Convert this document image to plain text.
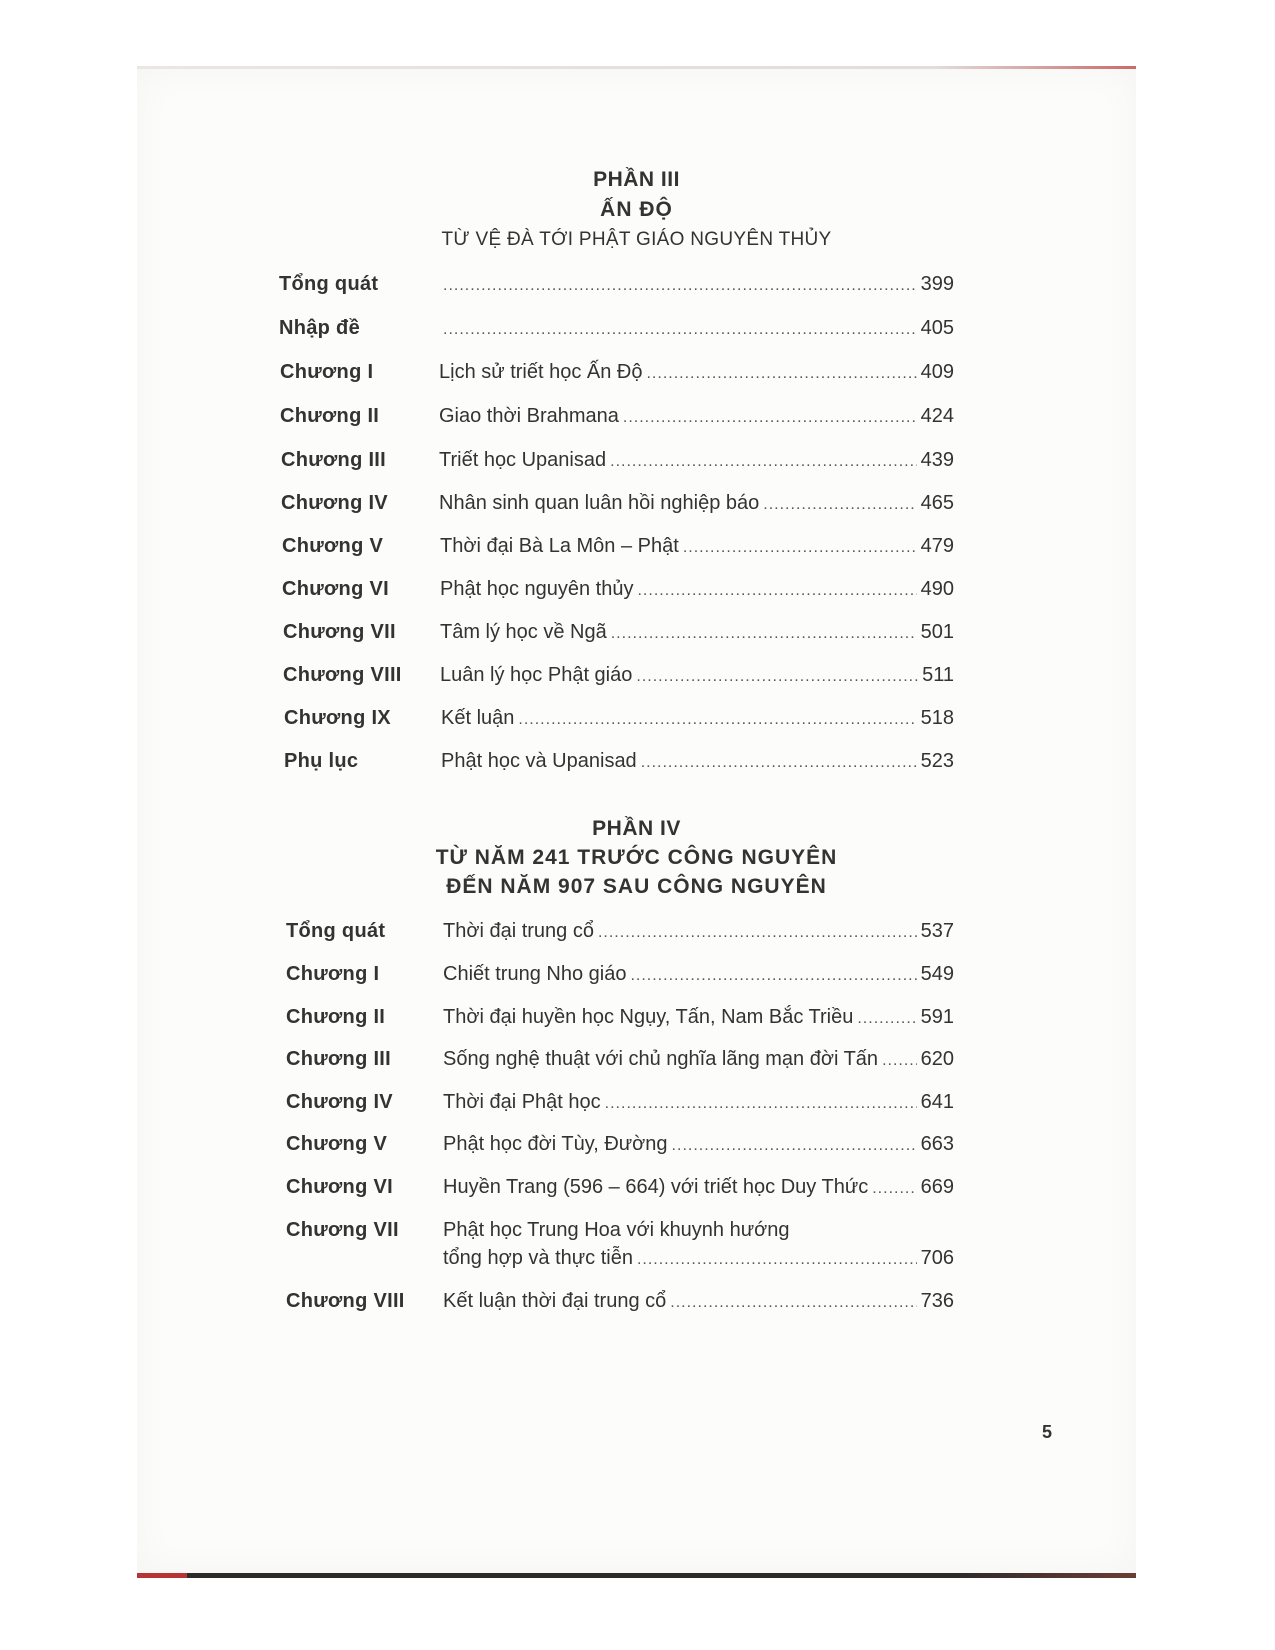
PHẦN III
ẤN ĐỘ
TỪ VỆ ĐÀ TỚI PHẬT GIÁO NGUYÊN THỦY
Tổng quát .....	399
Nhập đề .....	405
Chương I	Lịch sử triết học Ấn Độ .....	409
Chương II	Giao thời Brahmana .....	424
Chương III	Triết học Upanisad .....	439
Chương IV	Nhân sinh quan luân hồi nghiệp báo .....	465
Chương V	Thời đại Bà La Môn – Phật .....	479
Chương VI	Phật học nguyên thủy .....	490
Chương VII Tâm lý học về Ngã .....	501
Chương VIII Luân lý học Phật giáo .....	511
Chương IX	Kết luận .....	518
Phụ lục	Phật học và Upanisad .....	523
PHẦN IV
TỪ NĂM 241 TRƯỚC CÔNG NGUYÊN
ĐẾN NĂM 907 SAU CÔNG NGUYÊN
Tổng quát	Thời đại trung cổ .....	537
Chương I	Chiết trung Nho giáo .....	549
Chương II	Thời đại huyền học Ngụy, Tấn, Nam Bắc Triều .....	591
Chương III	Sống nghệ thuật với chủ nghĩa lãng mạn đời Tấn ..... 620
Chương IV	Thời đại Phật học .....	641
Chương V	Phật học đời Tùy, Đường .....	663
Chương VI	Huyền Trang (596 – 664) với triết học Duy Thức .....	669
Chương VII Phật học Trung Hoa với khuynh hướng
tổng hợp và thực tiễn .....	706
Chương VIII Kết luận thời đại trung cổ .....	736
5
